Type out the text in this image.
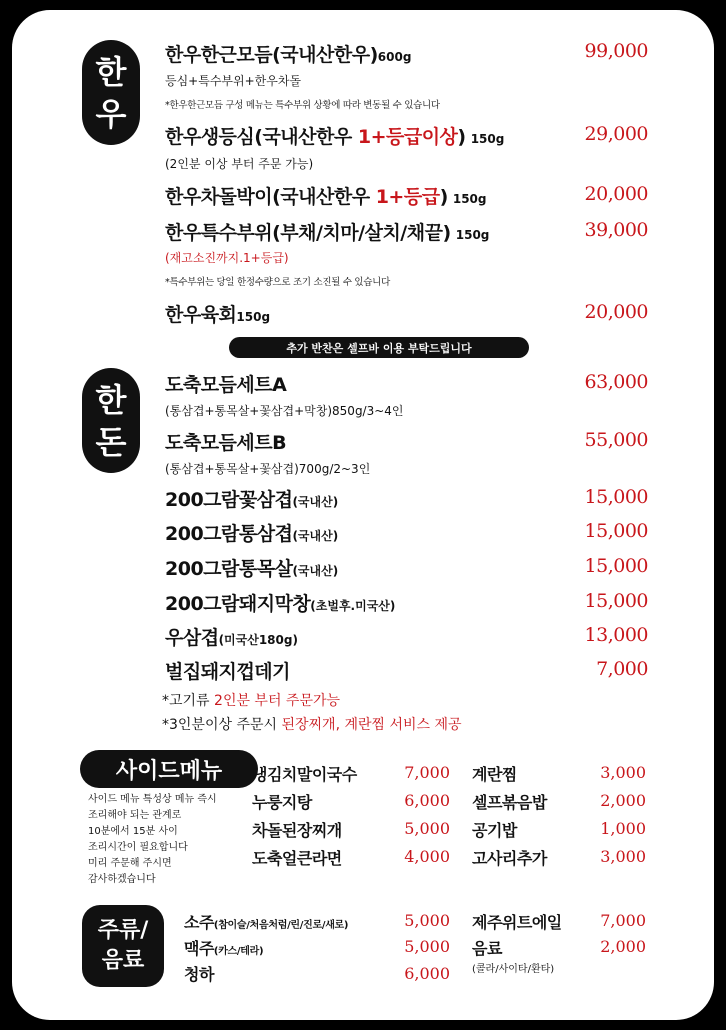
한
우
한우한근모듬(국내산한우)600g	99,000
등심+특수부위+한우차돌
*한우한근모듬 구성 메뉴는 특수부위 상황에 따라 변동될 수 있습니다
한우생등심(국내산한우 1+등급이상) 150g	29,000
(2인분 이상 부터 주문 가능)
한우차돌박이(국내산한우 1+등급) 150g	20,000
한우특수부위(부채/치마/살치/채끝) 150g	39,000
(재고소진까지.1+등급)
*특수부위는 당일 한정수량으로 조기 소진될 수 있습니다
한우육회150g	20,000
추가 반찬은 셀프바 이용 부탁드립니다
한
돈
도축모듬세트A	63,000
(통삼겹+통목살+꽃삼겹+막창)850g/3~4인
도축모듬세트B	55,000
(통삼겹+통목살+꽃삼겹)700g/2~3인
200그람꽃삼겹(국내산)	15,000
200그람통삼겹(국내산)	15,000
200그람통목살(국내산)	15,000
200그람돼지막창(초벌후.미국산)	15,000
우삼겹(미국산180g)	13,000
벌집돼지껍데기	7,000
*고기류 2인분 부터 주문가능
*3인분이상 주문시 된장찌개, 계란찜 서비스 제공
사이드메뉴
사이드 메뉴 특성상 메뉴 즉시
조리해야 되는 관계로
10분에서 15분 사이
조리시간이 필요합니다
미리 주문해 주시면
감사하겠습니다
냉김치말이국수	7,000
누룽지탕	6,000
차돌된장찌개	5,000
도축얼큰라면	4,000
계란찜	3,000
셀프볶음밥	2,000
공기밥	1,000
고사리추가	3,000
주류/
음료
소주(참이슬/처음처럼/린/진로/새로)	5,000
맥주(카스/테라)	5,000
청하	6,000
제주위트에일	7,000
음료	2,000
(콜라/사이타/환타)
